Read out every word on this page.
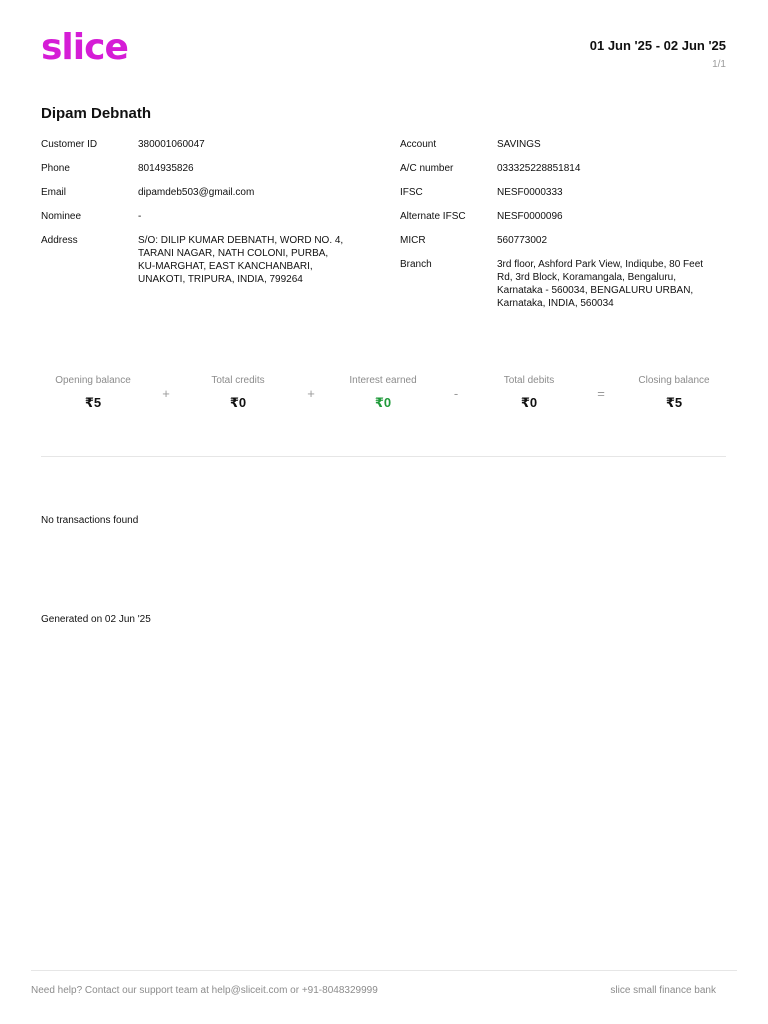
slice	01 Jun '25 - 02 Jun '25
1/1
Dipam Debnath
Customer ID	380001060047
Phone	8014935826
Email	dipamdeb503@gmail.com
Nominee	-
Address	S/O: DILIP KUMAR DEBNATH, WORD NO. 4, TARANI NAGAR, NATH COLONI, PURBA, KU-MARGHAT, EAST KANCHANBARI, UNAKOTI, TRIPURA, INDIA, 799264
Account	SAVINGS
A/C number	033325228851814
IFSC	NESF0000333
Alternate IFSC	NESF0000096
MICR	560773002
Branch	3rd floor, Ashford Park View, Indiqube, 80 Feet Rd, 3rd Block, Koramangala, Bengaluru, Karnataka - 560034, BENGALURU URBAN, Karnataka, INDIA, 560034
Opening balance
₹5
+
Total credits
₹0
+
Interest earned
₹0
-
Total debits
₹0
=
Closing balance
₹5
No transactions found
Generated on 02 Jun '25
Need help? Contact our support team at help@sliceit.com or +91-8048329999	slice small finance bank
